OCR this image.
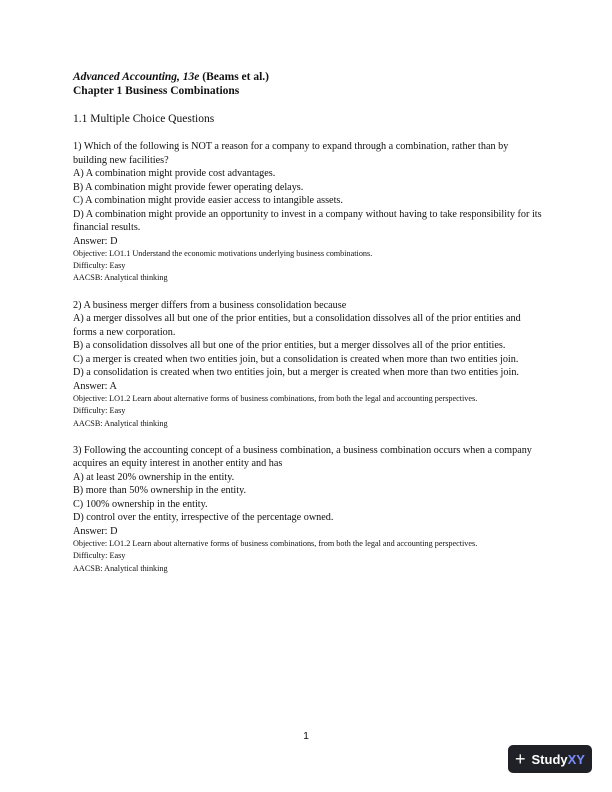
Advanced Accounting, 13e (Beams et al.)
Chapter 1 Business Combinations
1.1 Multiple Choice Questions
1) Which of the following is NOT a reason for a company to expand through a combination, rather than by building new facilities?
A) A combination might provide cost advantages.
B) A combination might provide fewer operating delays.
C) A combination might provide easier access to intangible assets.
D) A combination might provide an opportunity to invest in a company without having to take responsibility for its financial results.
Answer: D
Objective: LO1.1 Understand the economic motivations underlying business combinations.
Difficulty: Easy
AACSB: Analytical thinking
2) A business merger differs from a business consolidation because
A) a merger dissolves all but one of the prior entities, but a consolidation dissolves all of the prior entities and forms a new corporation.
B) a consolidation dissolves all but one of the prior entities, but a merger dissolves all of the prior entities.
C) a merger is created when two entities join, but a consolidation is created when more than two entities join.
D) a consolidation is created when two entities join, but a merger is created when more than two entities join.
Answer: A
Objective: LO1.2 Learn about alternative forms of business combinations, from both the legal and accounting perspectives.
Difficulty: Easy
AACSB: Analytical thinking
3) Following the accounting concept of a business combination, a business combination occurs when a company acquires an equity interest in another entity and has
A) at least 20% ownership in the entity.
B) more than 50% ownership in the entity.
C) 100% ownership in the entity.
D) control over the entity, irrespective of the percentage owned.
Answer: D
Objective: LO1.2 Learn about alternative forms of business combinations, from both the legal and accounting perspectives.
Difficulty: Easy
AACSB: Analytical thinking
1
+ StudyXY
